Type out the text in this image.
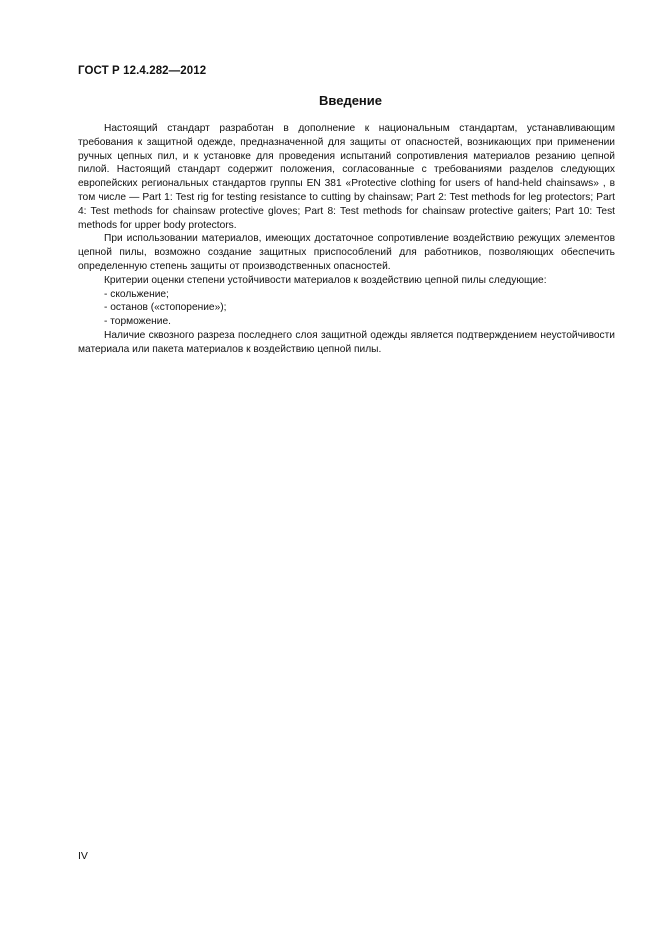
ГОСТ Р 12.4.282—2012
Введение

Настоящий стандарт разработан в дополнение к национальным стандартам, устанавливающим требования к защитной одежде, предназначенной для защиты от опасностей, возникающих при применении ручных цепных пил, и к установке для проведения испытаний сопротивления материалов резанию цепной пилой. Настоящий стандарт содержит положения, согласованные с требованиями разделов следующих европейских региональных стандартов группы EN 381 «Protective clothing for users of hand-held chainsaws» , в том числе — Part 1: Test rig for testing resistance to cutting by chainsaw; Part 2: Test methods for leg protectors; Part 4: Test methods for chainsaw protective gloves; Part 8: Test methods for chainsaw protective gaiters; Part 10: Test methods for upper body protectors.

При использовании материалов, имеющих достаточное сопротивление воздействию режущих элементов цепной пилы, возможно создание защитных приспособлений для работников, позволяющих обеспечить определенную степень защиты от производственных опасностей.

Критерии оценки степени устойчивости материалов к воздействию цепной пилы следующие:

- скольжение;

- останов («стопорение»);

- торможение.

Наличие сквозного разреза последнего слоя защитной одежды является подтверждением неустойчивости материала или пакета материалов к воздействию цепной пилы.

IV
